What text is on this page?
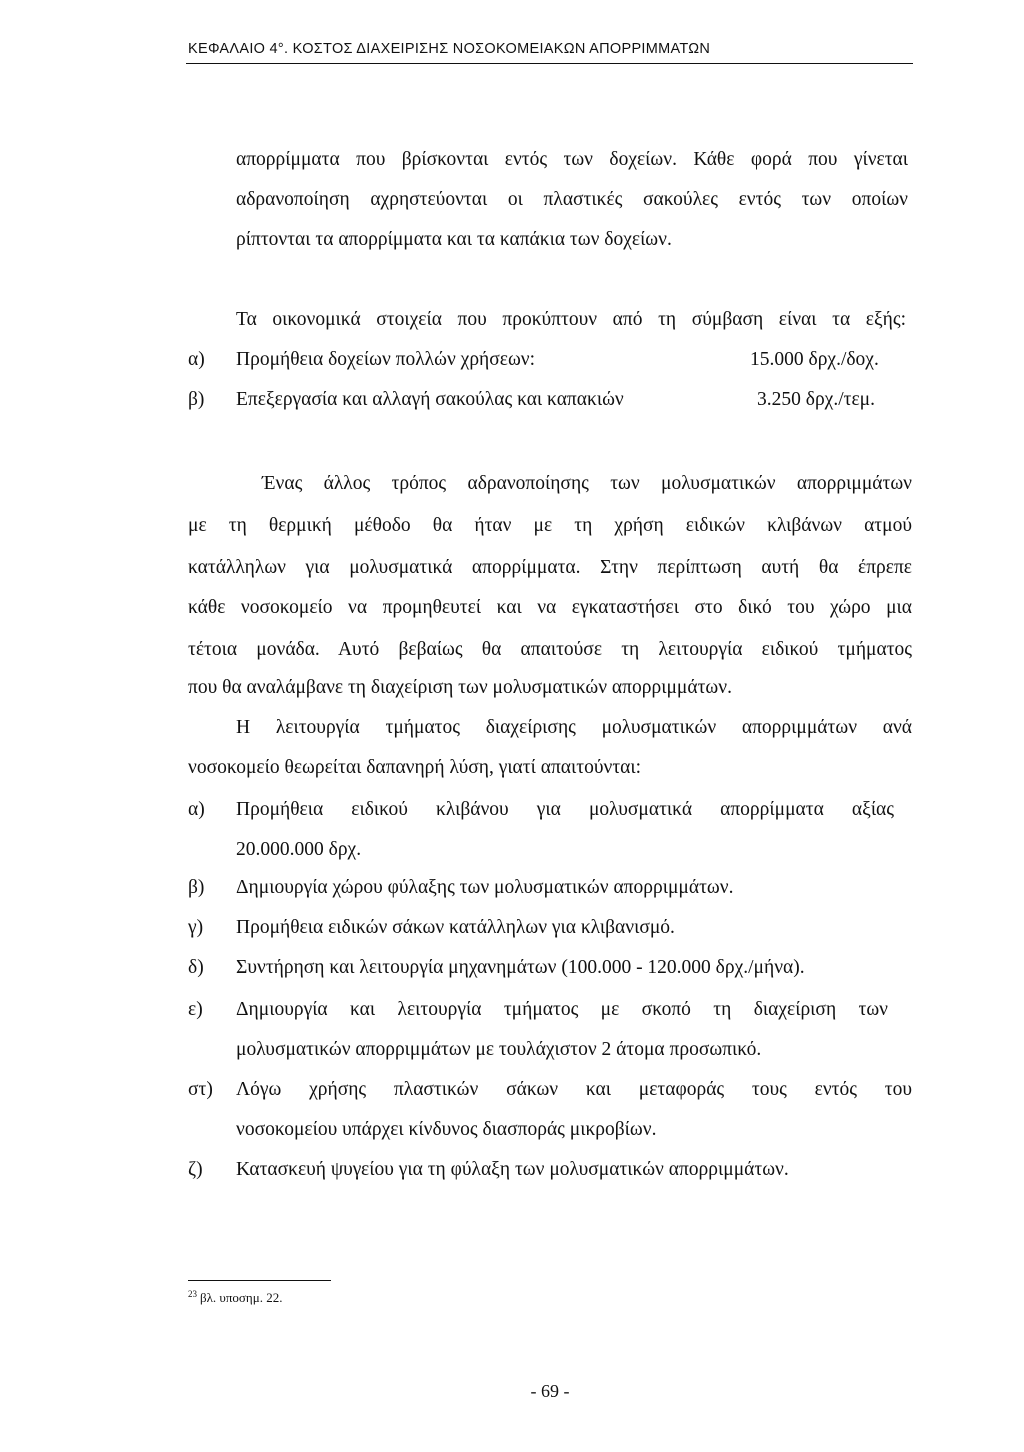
ΚΕΦΑΛΑΙΟ 4°. ΚΟΣΤΟΣ ΔΙΑΧΕΙΡΙΣΗΣ ΝΟΣΟΚΟΜΕΙΑΚΩΝ ΑΠΟΡΡΙΜΜΑΤΩΝ
απορρίμματα που βρίσκονται εντός των δοχείων. Κάθε φορά που γίνεται
αδρανοποίηση αχρηστεύονται οι πλαστικές σακούλες εντός των οποίων
ρίπτονται τα απορρίμματα και τα καπάκια των δοχείων.
Τα οικονομικά στοιχεία που προκύπτουν από τη σύμβαση είναι τα εξής:
α) Προμήθεια δοχείων πολλών χρήσεων:	15.000 δρχ./δοχ.
β) Επεξεργασία και αλλαγή σακούλας και καπακιών	3.250 δρχ./τεμ.
Ένας άλλος τρόπος αδρανοποίησης των μολυσματικών απορριμμάτων
με τη θερμική μέθοδο θα ήταν με τη χρήση ειδικών κλιβάνων ατμού
κατάλληλων για μολυσματικά απορρίμματα. Στην περίπτωση αυτή θα έπρεπε
κάθε νοσοκομείο να προμηθευτεί και να εγκαταστήσει στο δικό του χώρο μια
τέτοια μονάδα. Αυτό βεβαίως θα απαιτούσε τη λειτουργία ειδικού τμήματος
που θα αναλάμβανε τη διαχείριση των μολυσματικών απορριμμάτων.
Η λειτουργία τμήματος διαχείρισης μολυσματικών απορριμμάτων ανά
νοσοκομείο θεωρείται δαπανηρή λύση, γιατί απαιτούνται:
α) Προμήθεια ειδικού κλιβάνου για μολυσματικά απορρίμματα αξίας
20.000.000 δρχ.
β) Δημιουργία χώρου φύλαξης των μολυσματικών απορριμμάτων.
γ) Προμήθεια ειδικών σάκων κατάλληλων για κλιβανισμό.
δ) Συντήρηση και λειτουργία μηχανημάτων (100.000 - 120.000 δρχ./μήνα).
ε) Δημιουργία και λειτουργία τμήματος με σκοπό τη διαχείριση των
μολυσματικών απορριμμάτων με τουλάχιστον 2 άτομα προσωπικό.
στ) Λόγω χρήσης πλαστικών σάκων και μεταφοράς τους εντός του
νοσοκομείου υπάρχει κίνδυνος διασποράς μικροβίων.
ζ) Κατασκευή ψυγείου για τη φύλαξη των μολυσματικών απορριμμάτων.
$^{23}$ βλ. υποσημ. 22.
- 69 -
